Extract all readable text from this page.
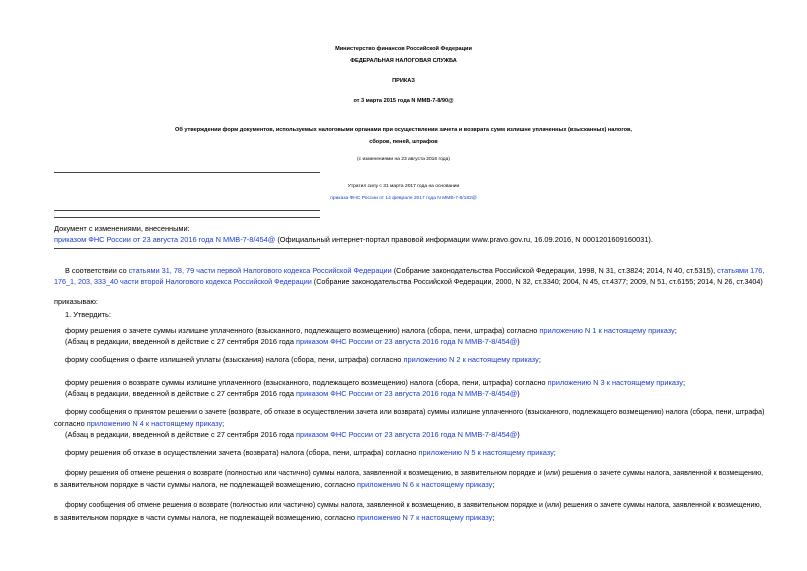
Министерство финансов Российской Федерации
ФЕДЕРАЛЬНАЯ НАЛОГОВАЯ СЛУЖБА
ПРИКАЗ
от 3 марта 2015 года N ММВ-7-8/90@
Об утверждении форм документов, используемых налоговыми органами при осуществлении зачета и возврата сумм излишне уплаченных (взысканных) налогов,
сборов, пеней, штрафов
(с изменениями на 23 августа 2016 года)
Утратил силу с 31 марта 2017 года на основании
приказа ФНС России от 14 февраля 2017 года N ММВ-7-8/182@
Документ с изменениями, внесенными:
приказом ФНС России от 23 августа 2016 года N ММВ-7-8/454@ (Официальный интернет-портал правовой информации www.pravo.gov.ru, 16.09.2016, N 0001201609160031).
В соответствии со статьями 31, 78, 79 части первой Налогового кодекса Российской Федерации (Собрание законодательства Российской Федерации, 1998, N 31, ст.3824; 2014, N 40, ст.5315), статьями 176,
176_1, 203, 333_40 части второй Налогового кодекса Российской Федерации (Собрание законодательства Российской Федерации, 2000, N 32, ст.3340; 2004, N 45, ст.4377; 2009, N 51, ст.6155; 2014, N 26, ст.3404)
приказываю:
1. Утвердить:
форму решения о зачете суммы излишне уплаченного (взысканного, подлежащего возмещению) налога (сбора, пени, штрафа) согласно приложению N 1 к настоящему приказу;
(Абзац в редакции, введенной в действие с 27 сентября 2016 года приказом ФНС России от 23 августа 2016 года N ММВ-7-8/454@)
форму сообщения о факте излишней уплаты (взыскания) налога (сбора, пени, штрафа) согласно приложению N 2 к настоящему приказу;
форму решения о возврате суммы излишне уплаченного (взысканного, подлежащего возмещению) налога (сбора, пени, штрафа) согласно приложению N 3 к настоящему приказу;
(Абзац в редакции, введенной в действие с 27 сентября 2016 года приказом ФНС России от 23 августа 2016 года N ММВ-7-8/454@)
форму сообщения о принятом решении о зачете (возврате, об отказе в осуществлении зачета или возврата) суммы излишне уплаченного (взысканного, подлежащего возмещению) налога (сбора, пени, штрафа)
согласно приложению N 4 к настоящему приказу;
(Абзац в редакции, введенной в действие с 27 сентября 2016 года приказом ФНС России от 23 августа 2016 года N ММВ-7-8/454@)
форму решения об отказе в осуществлении зачета (возврата) налога (сбора, пени, штрафа) согласно приложению N 5 к настоящему приказу;
форму решения об отмене решения о возврате (полностью или частично) суммы налога, заявленной к возмещению, в заявительном порядке и (или) решения о зачете суммы налога, заявленной к возмещению,
в заявительном порядке в части суммы налога, не подлежащей возмещению, согласно приложению N 6 к настоящему приказу;
форму сообщения об отмене решения о возврате (полностью или частично) суммы налога, заявленной к возмещению, в заявительном порядке и (или) решения о зачете суммы налога, заявленной к возмещению,
в заявительном порядке в части суммы налога, не подлежащей возмещению, согласно приложению N 7 к настоящему приказу;
